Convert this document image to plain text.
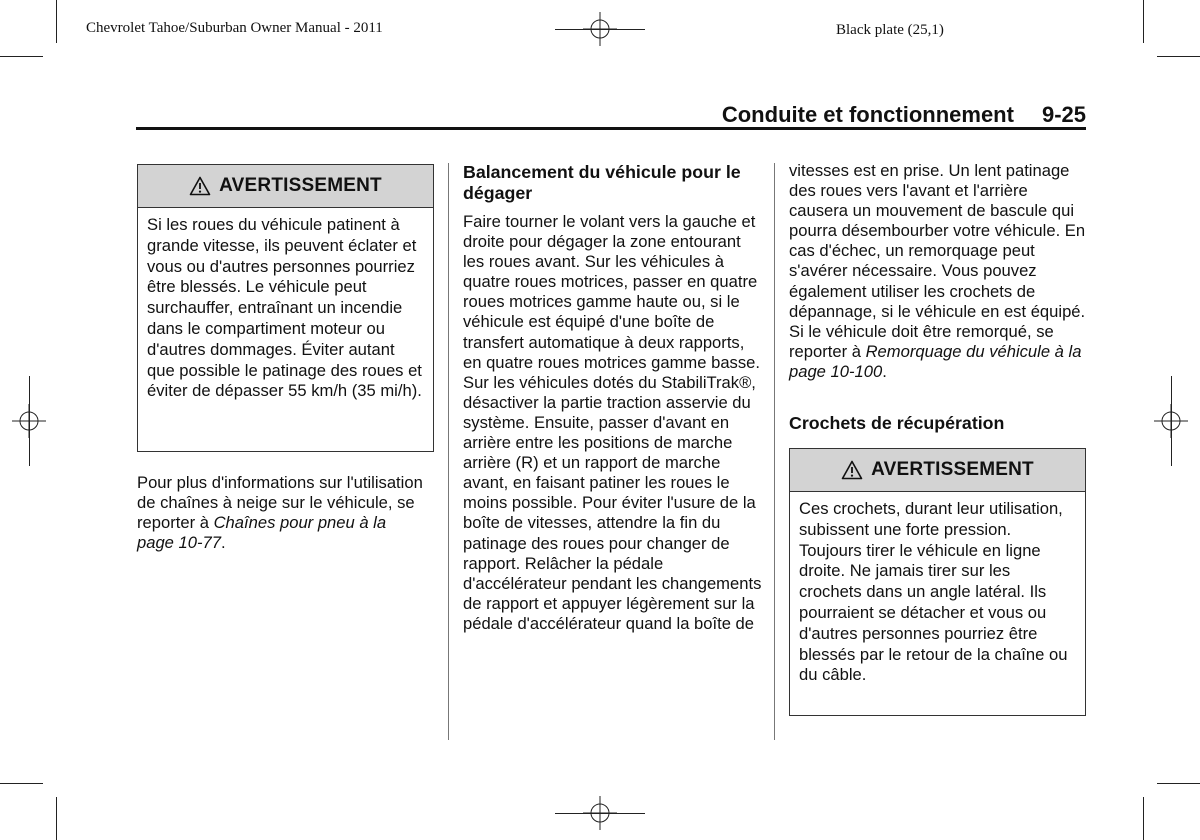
Chevrolet Tahoe/Suburban Owner Manual - 2011	Black plate (25,1)
Conduite et fonctionnement 9-25
AVERTISSEMENT
Si les roues du véhicule patinent à grande vitesse, ils peuvent éclater et vous ou d'autres personnes pourriez être blessés. Le véhicule peut surchauffer, entraînant un incendie dans le compartiment moteur ou d'autres dommages. Éviter autant que possible le patinage des roues et éviter de dépasser 55 km/h (35 mi/h).
Pour plus d'informations sur l'utilisation de chaînes à neige sur le véhicule, se reporter à Chaînes pour pneu à la page 10-77.
Balancement du véhicule pour le dégager
Faire tourner le volant vers la gauche et droite pour dégager la zone entourant les roues avant. Sur les véhicules à quatre roues motrices, passer en quatre roues motrices gamme haute ou, si le véhicule est équipé d'une boîte de transfert automatique à deux rapports, en quatre roues motrices gamme basse. Sur les véhicules dotés du StabiliTrak®, désactiver la partie traction asservie du système. Ensuite, passer d'avant en arrière entre les positions de marche arrière (R) et un rapport de marche avant, en faisant patiner les roues le moins possible. Pour éviter l'usure de la boîte de vitesses, attendre la fin du patinage des roues pour changer de rapport. Relâcher la pédale d'accélérateur pendant les changements de rapport et appuyer légèrement sur la pédale d'accélérateur quand la boîte de
vitesses est en prise. Un lent patinage des roues vers l'avant et l'arrière causera un mouvement de bascule qui pourra désembourber votre véhicule. En cas d'échec, un remorquage peut s'avérer nécessaire. Vous pouvez également utiliser les crochets de dépannage, si le véhicule en est équipé. Si le véhicule doit être remorqué, se reporter à Remorquage du véhicule à la page 10-100.
Crochets de récupération
AVERTISSEMENT
Ces crochets, durant leur utilisation, subissent une forte pression. Toujours tirer le véhicule en ligne droite. Ne jamais tirer sur les crochets dans un angle latéral. Ils pourraient se détacher et vous ou d'autres personnes pourriez être blessés par le retour de la chaîne ou du câble.
